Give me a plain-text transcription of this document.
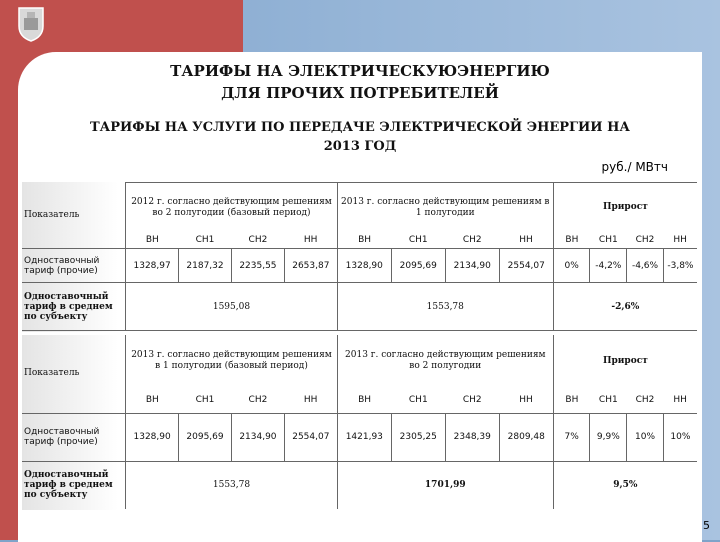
ТАРИФЫ НА ЭЛЕКТРИЧЕСКУЮЭНЕРГИЮ ДЛЯ ПРОЧИХ ПОТРЕБИТЕЛЕЙ
ТАРИФЫ НА УСЛУГИ ПО ПЕРЕДАЧЕ ЭЛЕКТРИЧЕСКОЙ ЭНЕРГИИ НА 2013 ГОД
руб./ МВтч
Показатель	2012 г. согласно действующим решениям во 2 полугодии (базовый период)				2013 г. согласно действующим решениям в 1 полугодии				Прирост			
	ВН	СН1	СН2	НН	ВН	СН1	СН2	НН	ВН	СН1	СН2	НН
Одноставочный тариф (прочие)	1328,97	2187,32	2235,55	2653,87	1328,90	2095,69	2134,90	2554,07	0%	-4,2%	-4,6%	-3,8%
Одноставочный тариф в среднем по субъекту	1595,08				1553,78				-2,6%			
Показатель	2013 г. согласно действующим решениям в 1 полугодии (базовый период)				2013 г. согласно действующим решениям во 2 полугодии				Прирост			
	ВН	СН1	СН2	НН	ВН	СН1	СН2	НН	ВН	СН1	СН2	НН
Одноставочный тариф (прочие)	1328,90	2095,69	2134,90	2554,07	1421,93	2305,25	2348,39	2809,48	7%	9,9%	10%	10%
Одноставочный тариф в среднем по субъекту	1553,78				1701,99				9,5%			
5
